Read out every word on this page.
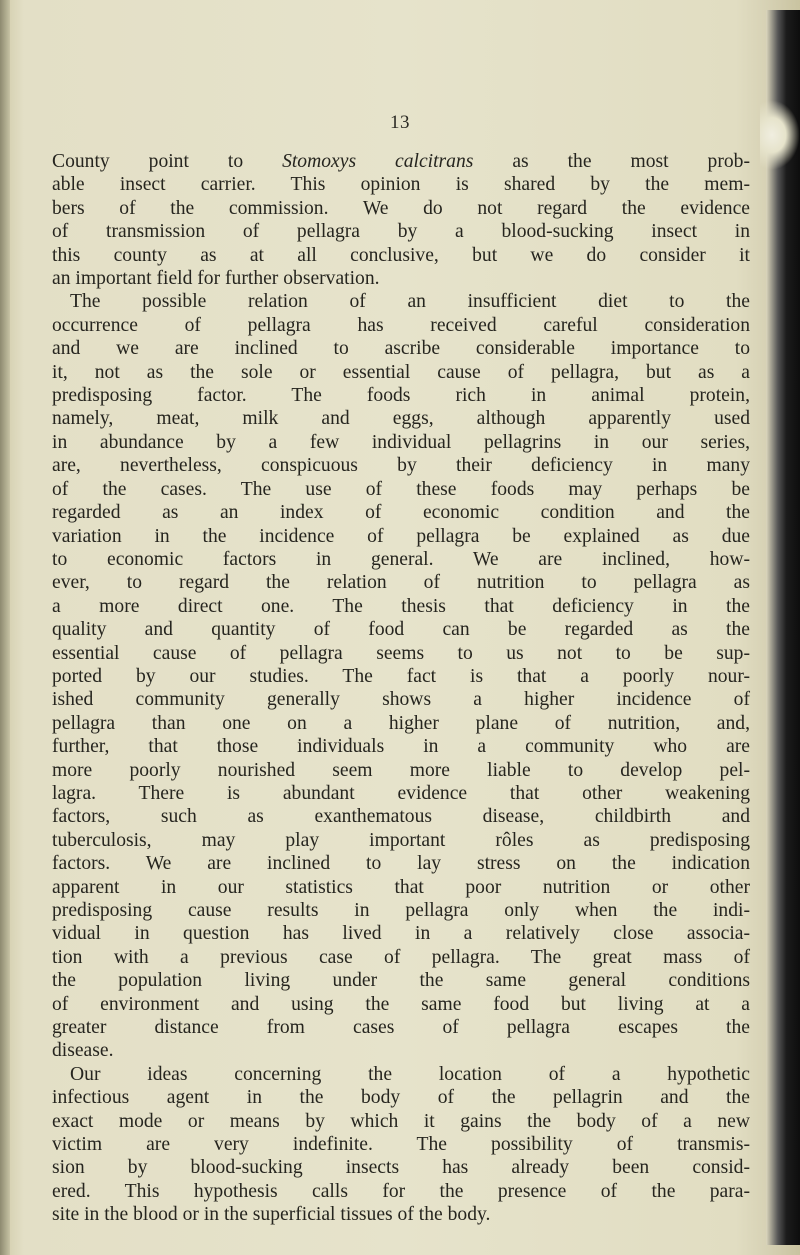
13
County point to Stomoxys calcitrans as the most prob-
able insect carrier. This opinion is shared by the mem-
bers of the commission. We do not regard the evidence
of transmission of pellagra by a blood-sucking insect in
this county as at all conclusive, but we do consider it
an important field for further observation.
The possible relation of an insufficient diet to the
occurrence of pellagra has received careful consideration
and we are inclined to ascribe considerable importance to
it, not as the sole or essential cause of pellagra, but as a
predisposing factor. The foods rich in animal protein,
namely, meat, milk and eggs, although apparently used
in abundance by a few individual pellagrins in our series,
are, nevertheless, conspicuous by their deficiency in many
of the cases. The use of these foods may perhaps be
regarded as an index of economic condition and the
variation in the incidence of pellagra be explained as due
to economic factors in general. We are inclined, how-
ever, to regard the relation of nutrition to pellagra as
a more direct one. The thesis that deficiency in the
quality and quantity of food can be regarded as the
essential cause of pellagra seems to us not to be sup-
ported by our studies. The fact is that a poorly nour-
ished community generally shows a higher incidence of
pellagra than one on a higher plane of nutrition, and,
further, that those individuals in a community who are
more poorly nourished seem more liable to develop pel-
lagra. There is abundant evidence that other weakening
factors, such as exanthematous disease, childbirth and
tuberculosis, may play important rôles as predisposing
factors. We are inclined to lay stress on the indication
apparent in our statistics that poor nutrition or other
predisposing cause results in pellagra only when the indi-
vidual in question has lived in a relatively close associa-
tion with a previous case of pellagra. The great mass of
the population living under the same general conditions
of environment and using the same food but living at a
greater distance from cases of pellagra escapes the
disease.
Our ideas concerning the location of a hypothetic
infectious agent in the body of the pellagrin and the
exact mode or means by which it gains the body of a new
victim are very indefinite. The possibility of transmis-
sion by blood-sucking insects has already been consid-
ered. This hypothesis calls for the presence of the para-
site in the blood or in the superficial tissues of the body.
